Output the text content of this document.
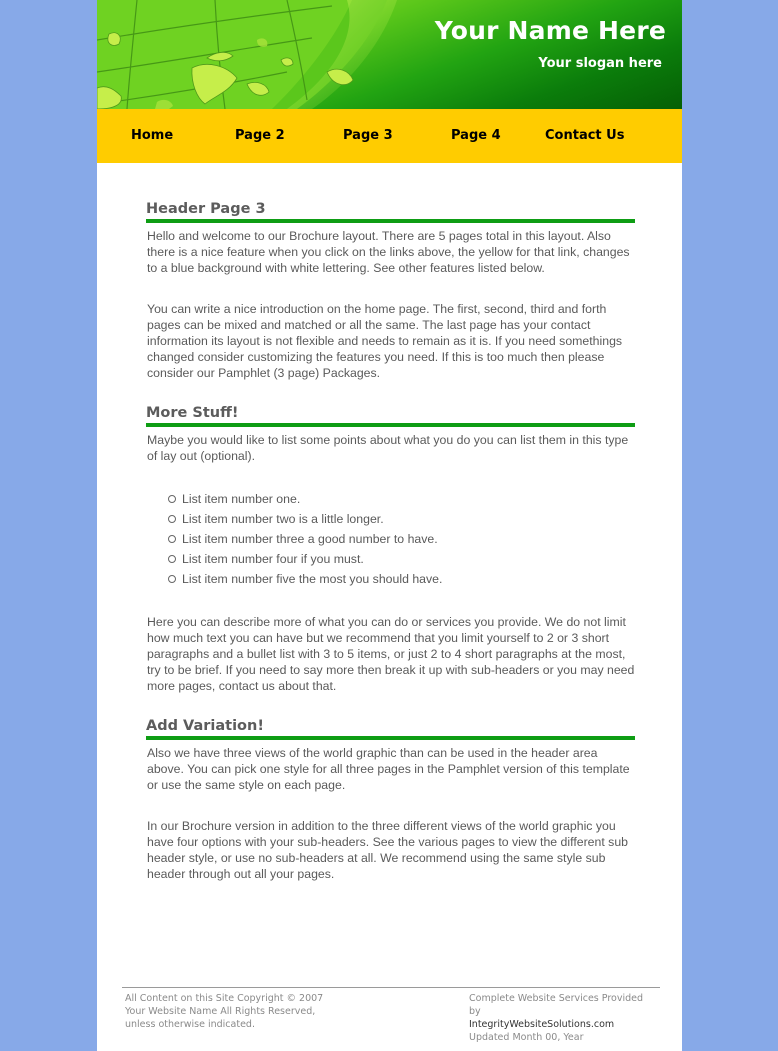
Your Name Here
Your slogan here
Home	Page 2	Page 3	Page 4	Contact Us
Header Page 3

Hello and welcome to our Brochure layout. There are 5 pages total in this layout. Also there is a nice feature when you click on the links above, the yellow for that link, changes to a blue background with white lettering. See other features listed below.

You can write a nice introduction on the home page. The first, second, third and forth pages can be mixed and matched or all the same. The last page has your contact information its layout is not flexible and needs to remain as it is. If you need somethings changed consider customizing the features you need. If this is too much then please consider our Pamphlet (3 page) Packages.

More Stuff!

Maybe you would like to list some points about what you do you can list them in this type of lay out (optional).

List item number one.
List item number two is a little longer.
List item number three a good number to have.
List item number four if you must.
List item number five the most you should have.

Here you can describe more of what you can do or services you provide. We do not limit how much text you can have but we recommend that you limit yourself to 2 or 3 short paragraphs and a bullet list with 3 to 5 items, or just 2 to 4 short paragraphs at the most, try to be brief. If you need to say more then break it up with sub-headers or you may need more pages, contact us about that.

Add Variation!

Also we have three views of the world graphic than can be used in the header area above. You can pick one style for all three pages in the Pamphlet version of this template or use the same style on each page.

In our Brochure version in addition to the three different views of the world graphic you have four options with your sub-headers. See the various pages to view the different sub header style, or use no sub-headers at all. We recommend using the same style sub header through out all your pages.

All Content on this Site Copyright © 2007
Your Website Name All Rights Reserved,
unless otherwise indicated.
Complete Website Services Provided by
IntegrityWebsiteSolutions.com
Updated Month 00, Year
